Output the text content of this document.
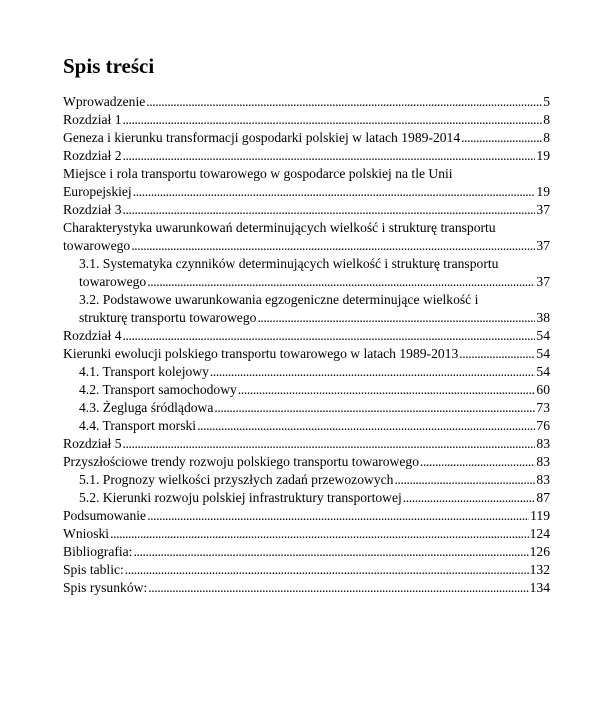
Spis treści
Wprowadzenie . . .	5
Rozdział 1 . . .	8
Geneza i kierunku transformacji gospodarki polskiej w latach 1989-2014 . . .	8
Rozdział 2 . . .	19
Miejsce i rola transportu towarowego w gospodarce polskiej na tle Unii
Europejskiej . . .	19
Rozdział 3 . . .	37
Charakterystyka uwarunkowań determinujących wielkość i strukturę transportu
towarowego . . .	37
3.1. Systematyka czynników determinujących wielkość i strukturę transportu
towarowego . . .	37
3.2. Podstawowe uwarunkowania egzogeniczne determinujące wielkość i
strukturę transportu towarowego . . .	38
Rozdział 4 . . .	54
Kierunki ewolucji polskiego transportu towarowego w latach 1989-2013 . . .	54
4.1. Transport kolejowy . . .	54
4.2. Transport samochodowy . . .	60
4.3. Żegluga śródlądowa . . .	73
4.4. Transport morski . . .	76
Rozdział 5 . . .	83
Przyszłościowe trendy rozwoju polskiego transportu towarowego . . .	83
5.1. Prognozy wielkości przyszłych zadań przewozowych . . .	83
5.2. Kierunki rozwoju polskiej infrastruktury transportowej . . .	87
Podsumowanie . . .	119
Wnioski . . .	124
Bibliografia: . . .	126
Spis tablic: . . .	132
Spis rysunków: . . .	134
